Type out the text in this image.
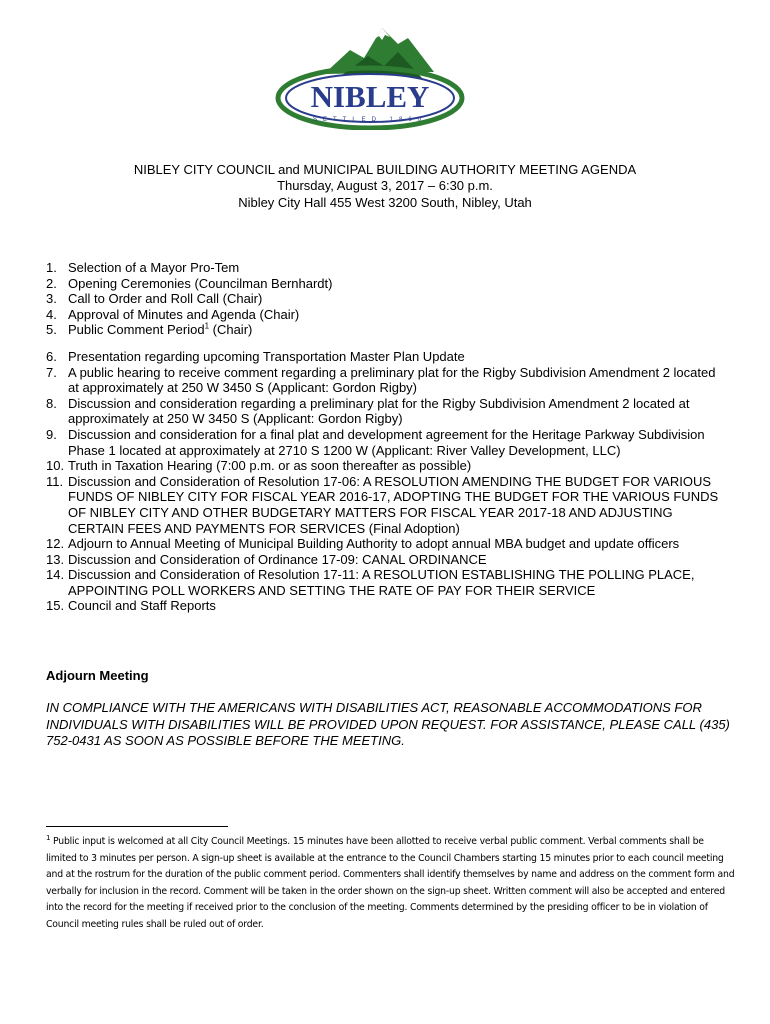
NIBLEY
SETTLED 1860
NIBLEY CITY COUNCIL and MUNICIPAL BUILDING AUTHORITY MEETING AGENDA
Thursday, August 3, 2017 – 6:30 p.m.
Nibley City Hall 455 West 3200 South, Nibley, Utah
1. Selection of a Mayor Pro-Tem
2. Opening Ceremonies (Councilman Bernhardt)
3. Call to Order and Roll Call (Chair)
4. Approval of Minutes and Agenda (Chair)
5. Public Comment Period$^1$ (Chair)
6. Presentation regarding upcoming Transportation Master Plan Update
7. A public hearing to receive comment regarding a preliminary plat for the Rigby Subdivision Amendment 2 located at approximately at 250 W 3450 S (Applicant: Gordon Rigby)
8. Discussion and consideration regarding a preliminary plat for the Rigby Subdivision Amendment 2 located at approximately at 250 W 3450 S (Applicant: Gordon Rigby)
9. Discussion and consideration for a final plat and development agreement for the Heritage Parkway Subdivision Phase 1 located at approximately at 2710 S 1200 W (Applicant: River Valley Development, LLC)
10. Truth in Taxation Hearing (7:00 p.m. or as soon thereafter as possible)
11. Discussion and Consideration of Resolution 17-06: A RESOLUTION AMENDING THE BUDGET FOR VARIOUS FUNDS OF NIBLEY CITY FOR FISCAL YEAR 2016-17, ADOPTING THE BUDGET FOR THE VARIOUS FUNDS OF NIBLEY CITY AND OTHER BUDGETARY MATTERS FOR FISCAL YEAR 2017-18 AND ADJUSTING CERTAIN FEES AND PAYMENTS FOR SERVICES (Final Adoption)
12. Adjourn to Annual Meeting of Municipal Building Authority to adopt annual MBA budget and update officers
13. Discussion and Consideration of Ordinance 17-09: CANAL ORDINANCE
14. Discussion and Consideration of Resolution 17-11: A RESOLUTION ESTABLISHING THE POLLING PLACE, APPOINTING POLL WORKERS AND SETTING THE RATE OF PAY FOR THEIR SERVICE
15. Council and Staff Reports
Adjourn Meeting
IN COMPLIANCE WITH THE AMERICANS WITH DISABILITIES ACT, REASONABLE ACCOMMODATIONS FOR INDIVIDUALS WITH DISABILITIES WILL BE PROVIDED UPON REQUEST. FOR ASSISTANCE, PLEASE CALL (435) 752-0431 AS SOON AS POSSIBLE BEFORE THE MEETING.
$^1$ Public input is welcomed at all City Council Meetings. 15 minutes have been allotted to receive verbal public comment. Verbal comments shall be limited to 3 minutes per person. A sign-up sheet is available at the entrance to the Council Chambers starting 15 minutes prior to each council meeting and at the rostrum for the duration of the public comment period. Commenters shall identify themselves by name and address on the comment form and verbally for inclusion in the record. Comment will be taken in the order shown on the sign-up sheet. Written comment will also be accepted and entered into the record for the meeting if received prior to the conclusion of the meeting. Comments determined by the presiding officer to be in violation of Council meeting rules shall be ruled out of order.
